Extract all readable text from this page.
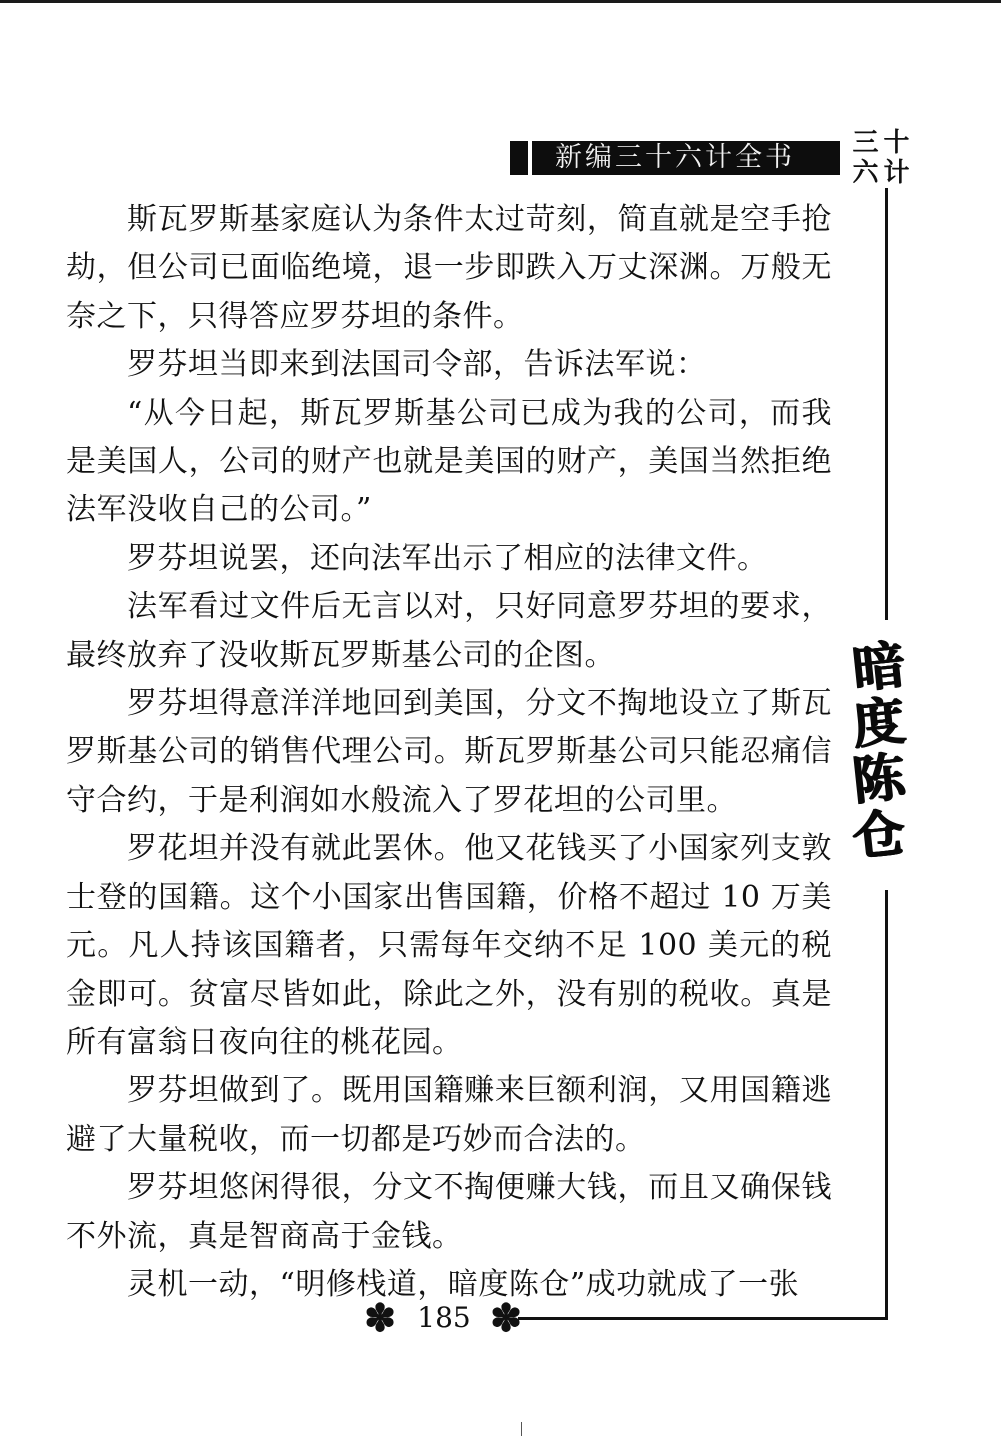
新编三十六计全书	三 十
六 计
暗
度
陈
仓

斯瓦罗斯基家庭认为条件太过苛刻，简直就是空手抢劫，但公司已面临绝境，退一步即跌入万丈深渊。万般无奈之下，只得答应罗芬坦的条件。

罗芬坦当即来到法国司令部，告诉法军说：

“从今日起，斯瓦罗斯基公司已成为我的公司，而我是美国人，公司的财产也就是美国的财产，美国当然拒绝法军没收自己的公司。”

罗芬坦说罢，还向法军出示了相应的法律文件。

法军看过文件后无言以对，只好同意罗芬坦的要求，最终放弃了没收斯瓦罗斯基公司的企图。

罗芬坦得意洋洋地回到美国，分文不掏地设立了斯瓦罗斯基公司的销售代理公司。斯瓦罗斯基公司只能忍痛信守合约，于是利润如水般流入了罗花坦的公司里。

罗花坦并没有就此罢休。他又花钱买了小国家列支敦士登的国籍。这个小国家出售国籍，价格不超过 10 万美元。凡人持该国籍者，只需每年交纳不足 100 美元的税金即可。贫富尽皆如此，除此之外，没有别的税收。真是所有富翁日夜向往的桃花园。

罗芬坦做到了。既用国籍赚来巨额利润，又用国籍逃避了大量税收，而一切都是巧妙而合法的。

罗芬坦悠闲得很，分文不掏便赚大钱，而且又确保钱不外流，真是智商高于金钱。

灵机一动，“明修栈道，暗度陈仓”成功就成了一张

✽ 185 ✽
